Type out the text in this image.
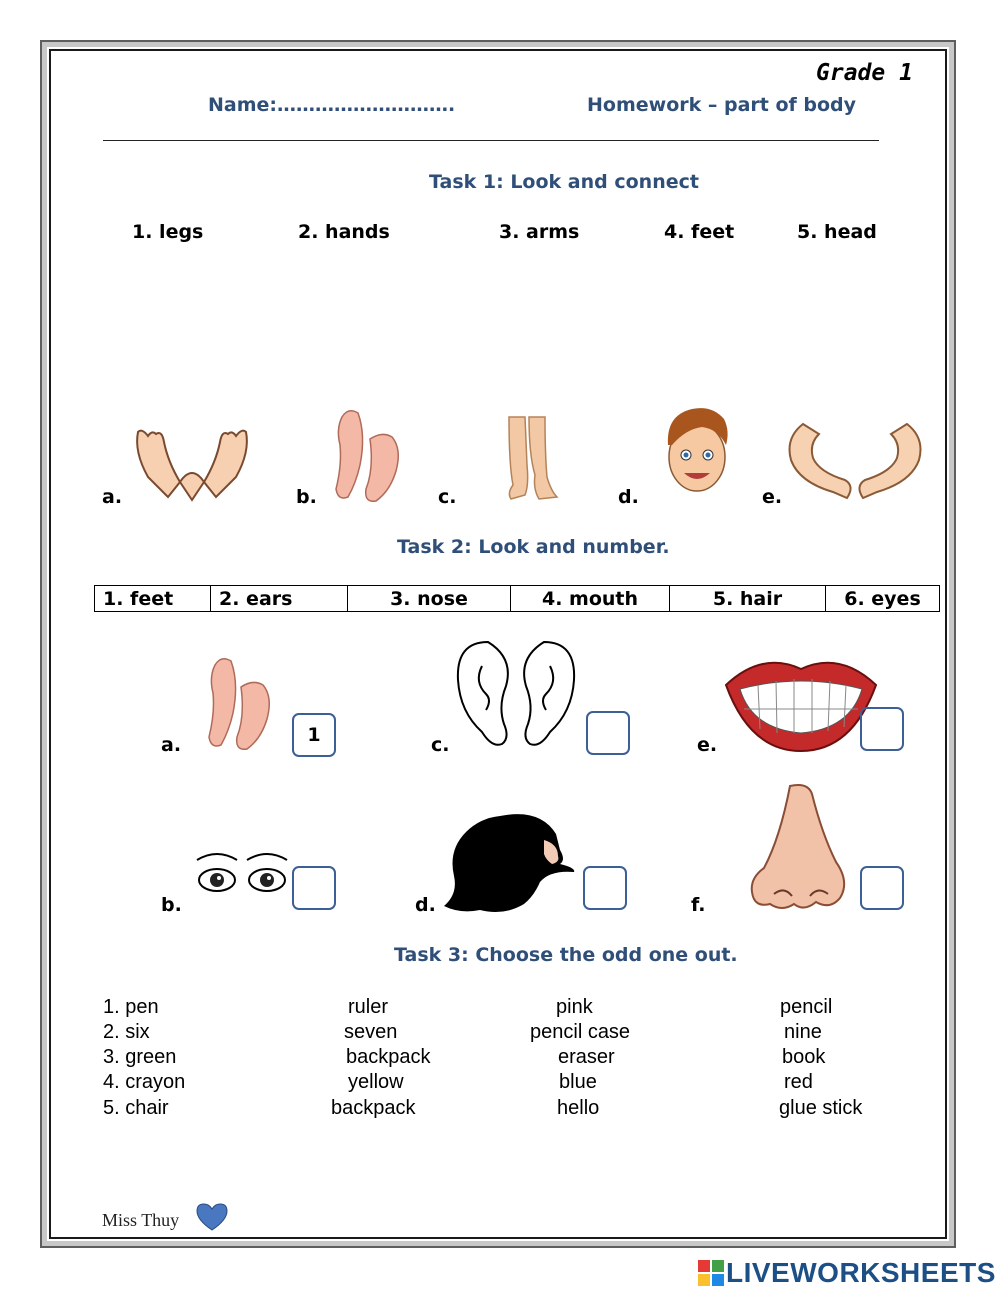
Grade 1
Name:……………………….	Homework – part of body
Task 1: Look and connect
1. legs	2. hands	3. arms	4. feet	5. head
a.	b.	c.	d.	e.
Task 2: Look and number.
1. feet	2. ears	3. nose	4. mouth	5. hair	6. eyes
a.	1	c.	e.
b.	d.	f.
Task 3: Choose the odd one out.
1. pen	ruler	pink	pencil
2. six	seven	pencil case	nine
3. green	backpack	eraser	book
4. crayon	yellow	blue	red
5. chair	backpack	hello	glue stick
Miss Thuy
LIVEWORKSHEETS
